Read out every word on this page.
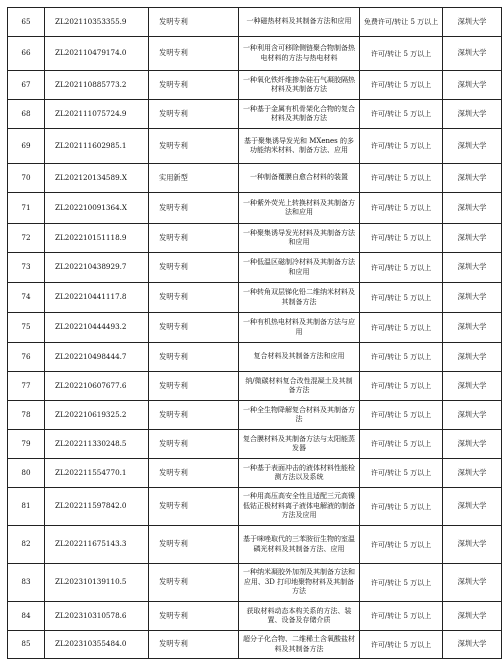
65	ZL202110353355.9	发明专利	一种磁热材料及其制备方法和应用	免费许可/转让 5 万以上	深圳大学
66	ZL202110479174.0	发明专利	一种利用含可移除侧链聚合物制备热电材料的方法与热电材料	许可/转让 5 万以上	深圳大学
67	ZL202110885773.2	发明专利	一种氧化铁纤维掺杂硅石气凝胶隔热材料及其制备方法	许可/转让 5 万以上	深圳大学
68	ZL202111075724.9	发明专利	一种基于金属有机骨架化合物的复合材料及其制备方法	许可/转让 5 万以上	深圳大学
69	ZL202111602985.1	发明专利	基于聚集诱导发光和 MXenes 的多功能纳米材料、制备方法、应用	许可/转让 5 万以上	深圳大学
70	ZL202120134589.X	实用新型	一种制备覆膜自愈合材料的装置	许可/转让 5 万以上	深圳大学
71	ZL202210091364.X	发明专利	一种紫外荧光上转换材料及其制备方法和应用	许可/转让 5 万以上	深圳大学
72	ZL202210151118.9	发明专利	一种聚集诱导发光材料及其制备方法和应用	许可/转让 5 万以上	深圳大学
73	ZL202210438929.7	发明专利	一种低温区磁制冷材料及其制备方法和应用	许可/转让 5 万以上	深圳大学
74	ZL202210441117.8	发明专利	一种转角双层锑化铅二维纳米材料及其制备方法	许可/转让 5 万以上	深圳大学
75	ZL202210444493.2	发明专利	一种有机热电材料及其制备方法与应用	许可/转让 5 万以上	深圳大学
76	ZL202210498444.7	发明专利	复合材料及其制备方法和应用	许可/转让 5 万以上	深圳大学
77	ZL202210607677.6	发明专利	纳/微碳材料复合改性混凝土及其制备方法	许可/转让 5 万以上	深圳大学
78	ZL202210619325.2	发明专利	一种全生物降解复合材料及其制备方法	许可/转让 5 万以上	深圳大学
79	ZL202211330248.5	发明专利	复合膜材料及其制备方法与太阳能蒸发器	许可/转让 5 万以上	深圳大学
80	ZL202211554770.1	发明专利	一种基于表面冲击的液体材料性能检测方法以及系统	许可/转让 5 万以上	深圳大学
81	ZL202211597842.0	发明专利	一种用高压高安全性且适配三元高镍低钴正极材料离子液体电解液的制备方法及应用	许可/转让 5 万以上	深圳大学
82	ZL202211675143.3	发明专利	基于咪唑取代的三苯胺衍生物的室温磷光材料及其制备方法、应用	许可/转让 5 万以上	深圳大学
83	ZL202310139110.5	发明专利	一种纳米凝胶外加剂及其制备方法和应用、3D 打印地聚物材料及其制备方法	许可/转让 5 万以上	深圳大学
84	ZL202310310578.6	发明专利	获取材料动态本构关系的方法、装置、设备及存储介质	许可/转让 5 万以上	深圳大学
85	ZL202310355484.0	发明专利	超分子化合物、二维稀土含氧酸盐材料及其制备方法	许可/转让 5 万以上	深圳大学
